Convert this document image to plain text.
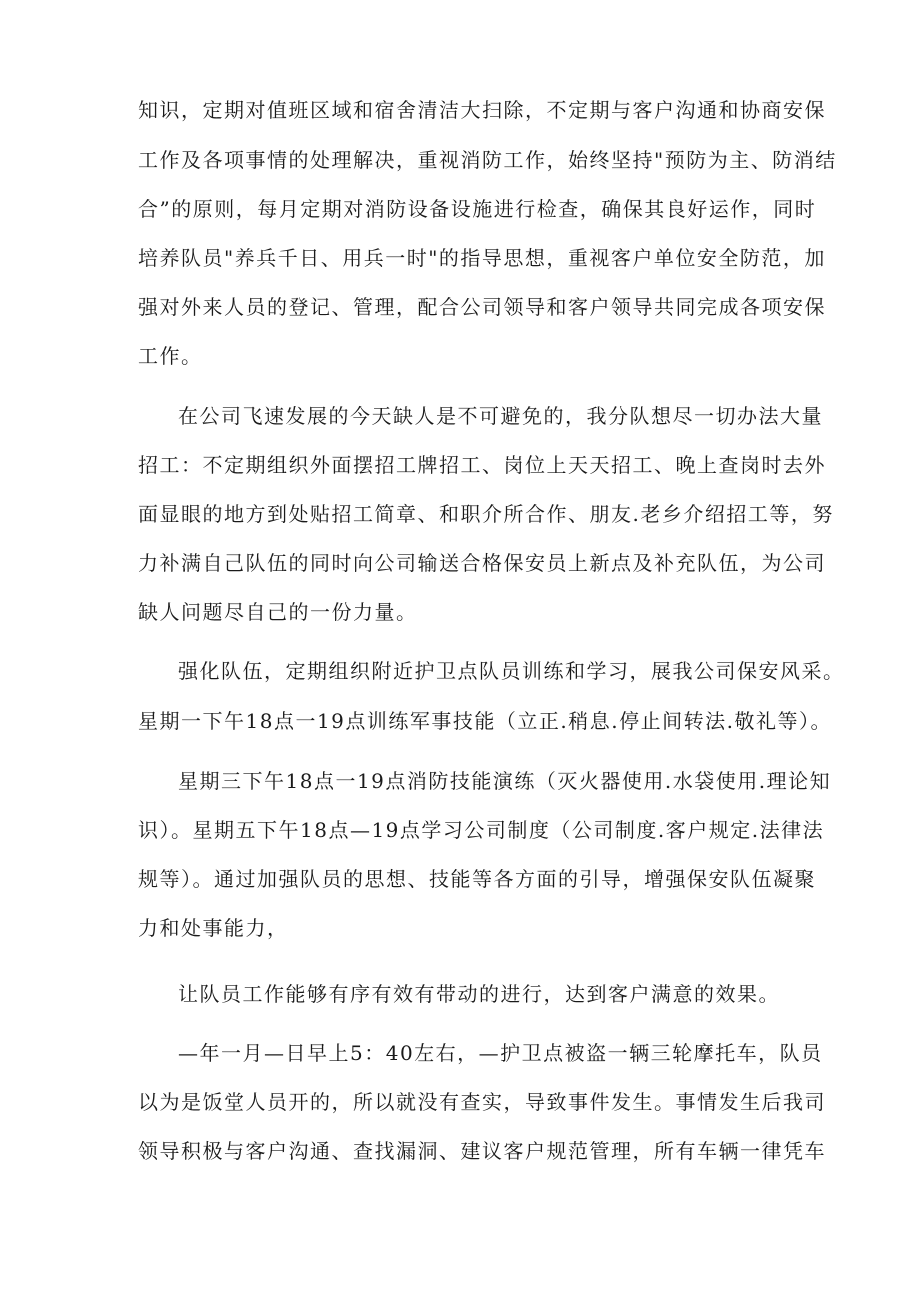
知识，定期对值班区域和宿舍清洁大扫除，不定期与客户沟通和协商安保
工作及各项事情的处理解决，重视消防工作，始终坚持"预防为主、防消结
合”的原则，每月定期对消防设备设施进行检查，确保其良好运作，同时
培养队员"养兵千日、用兵一时"的指导思想，重视客户单位安全防范，加
强对外来人员的登记、管理，配合公司领导和客户领导共同完成各项安保
工作。
在公司飞速发展的今天缺人是不可避免的，我分队想尽一切办法大量
招工：不定期组织外面摆招工牌招工、岗位上天天招工、晚上查岗时去外
面显眼的地方到处贴招工简章、和职介所合作、朋友.老乡介绍招工等，努
力补满自己队伍的同时向公司输送合格保安员上新点及补充队伍，为公司
缺人问题尽自己的一份力量。
强化队伍，定期组织附近护卫点队员训练和学习，展我公司保安风采。
星期一下午18点一19点训练军事技能（立正.稍息.停止间转法.敬礼等）。
星期三下午18点一19点消防技能演练（灭火器使用.水袋使用.理论知
识）。星期五下午18点—19点学习公司制度（公司制度.客户规定.法律法
规等）。通过加强队员的思想、技能等各方面的引导，增强保安队伍凝聚
力和处事能力，
让队员工作能够有序有效有带动的进行，达到客户满意的效果。
—年一月—日早上5：40左右，—护卫点被盗一辆三轮摩托车，队员
以为是饭堂人员开的，所以就没有查实，导致事件发生。事情发生后我司
领导积极与客户沟通、查找漏洞、建议客户规范管理，所有车辆一律凭车
